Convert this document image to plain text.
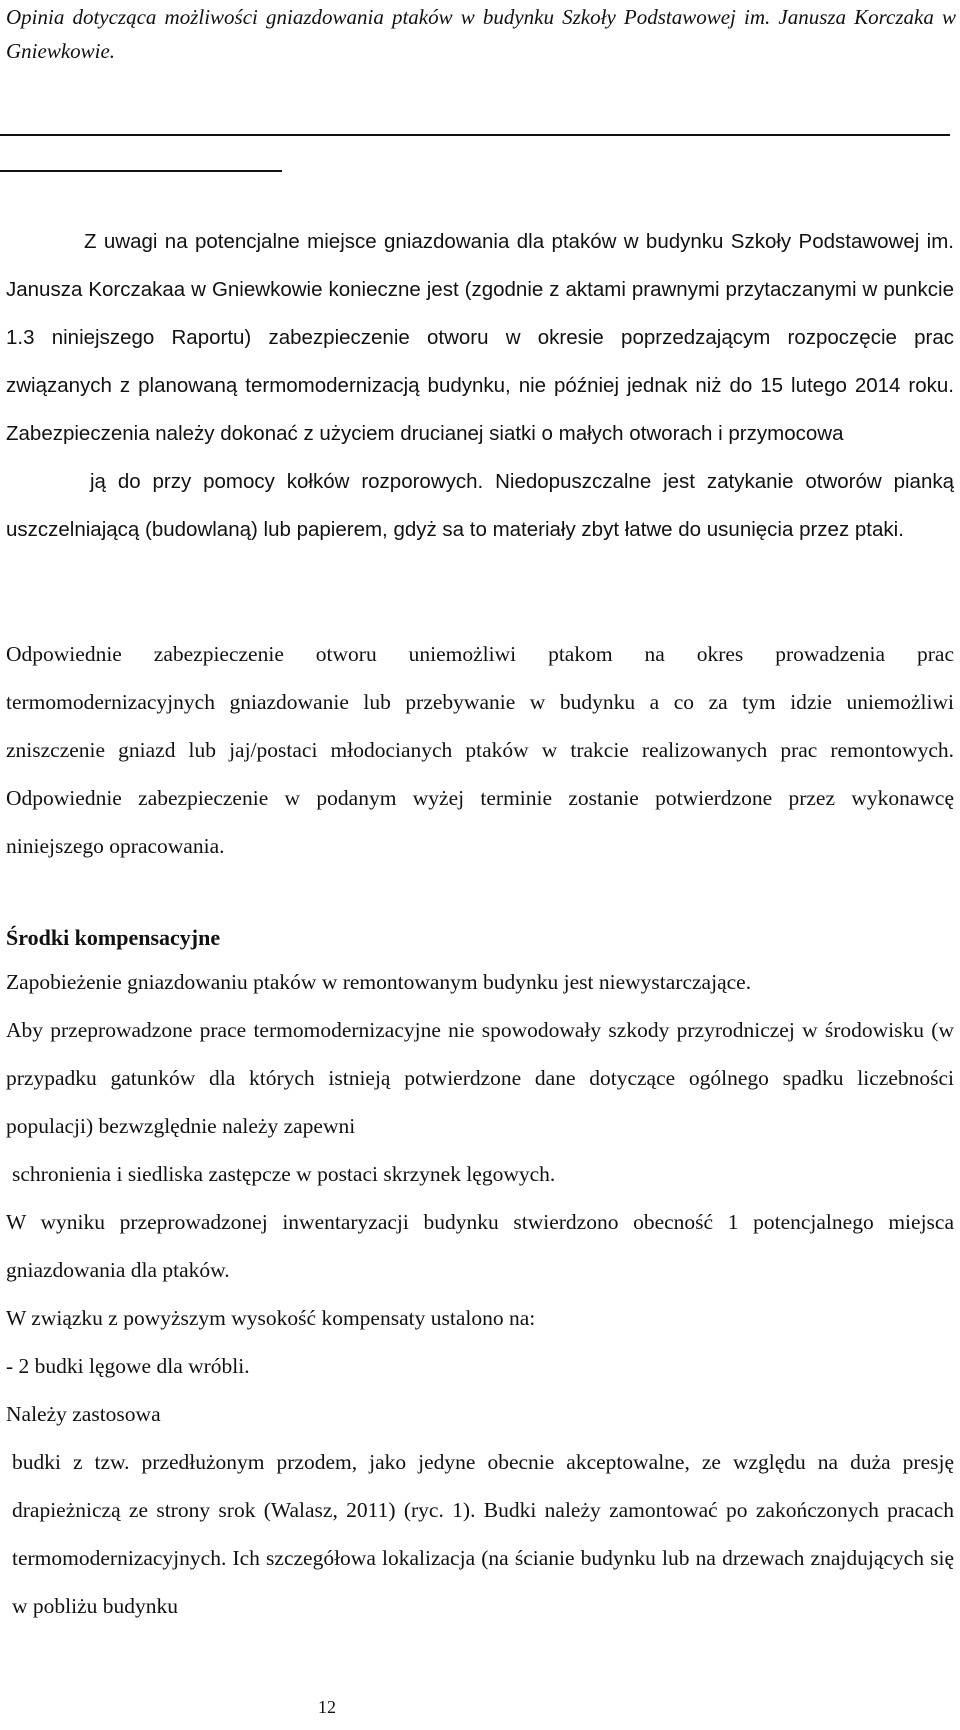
Opinia dotycząca możliwości gniazdowania ptaków w budynku Szkoły Podstawowej im. Janusza Korczaka w Gniewkowie.

Z uwagi na potencjalne miejsce gniazdowania dla ptaków w budynku Szkoły Podstawowej im. Janusza Korczakaa w Gniewkowie konieczne jest (zgodnie z aktami prawnymi przytaczanymi w punkcie 1.3 niniejszego Raportu) zabezpieczenie otworu w okresie poprzedzającym rozpoczęcie prac związanych z planowaną termomodernizacją budynku, nie później jednak niż do 15 lutego 2014 roku. Zabezpieczenia należy dokonać z użyciem drucianej siatki o małych otworach i przymocowa

ją do przy pomocy kołków rozporowych. Niedopuszczalne jest zatykanie otworów pianką uszczelniającą (budowlaną) lub papierem, gdyż sa to materiały zbyt łatwe do usunięcia przez ptaki.

Odpowiednie zabezpieczenie otworu uniemożliwi ptakom na okres prowadzenia prac termomodernizacyjnych gniazdowanie lub przebywanie w budynku a co za tym idzie uniemożliwi zniszczenie gniazd lub jaj/postaci młodocianych ptaków w trakcie realizowanych prac remontowych. Odpowiednie zabezpieczenie w podanym wyżej terminie zostanie potwierdzone przez wykonawcę niniejszego opracowania.

Środki kompensacyjne

Zapobieżenie gniazdowaniu ptaków w remontowanym budynku jest niewystarczające.

Aby przeprowadzone prace termomodernizacyjne nie spowodowały szkody przyrodniczej w środowisku (w przypadku gatunków dla których istnieją potwierdzone dane dotyczące ogólnego spadku liczebności populacji) bezwzględnie należy zapewni

schronienia i siedliska zastępcze w postaci skrzynek lęgowych.

W wyniku przeprowadzonej inwentaryzacji budynku stwierdzono obecność 1 potencjalnego miejsca gniazdowania dla ptaków.

W związku z powyższym wysokość kompensaty ustalono na:

- 2 budki lęgowe dla wróbli.

Należy zastosowa

budki z tzw. przedłużonym przodem, jako jedyne obecnie akceptowalne, ze względu na duża presję drapieżniczą ze strony srok (Walasz, 2011) (ryc. 1). Budki należy zamontować po zakończonych pracach termomodernizacyjnych. Ich szczegółowa lokalizacja (na ścianie budynku lub na drzewach znajdujących się w pobliżu budynku

12
